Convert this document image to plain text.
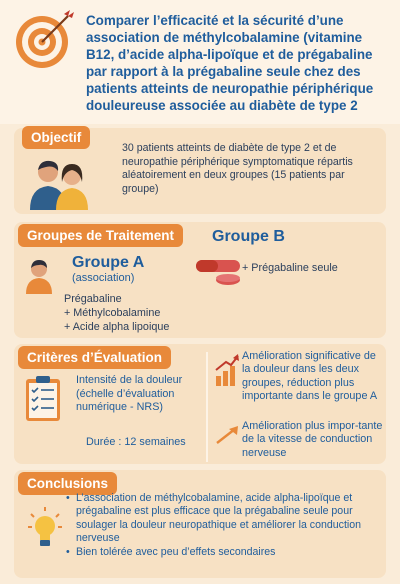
Comparer l’efficacité et la sécurité d’une association de méthylcobalamine (vitamine B12, d’acide alpha-lipoïque et de prégabaline par rapport à la prégabaline seule chez des patients atteints de neuropathie périphérique douleureuse associée au diabète de type 2
Objectif
30 patients atteints de diabète de type 2 et de neuropathie périphérique symptomatique répartis aléatoirement en deux groupes (15 patients par groupe)
Groupes de Traitement
Groupe A
(association)
Prégabaline
+ Méthylcobalamine
+ Acide alpha lipoique
Groupe B
+ Prégabaline seule
Critères d’Évaluation
Intensité de la douleur (échelle d’évaluation numérique - NRS)
Durée : 12 semaines
Amélioration significative de la douleur dans les deux groupes, réduction plus importante dans le groupe A
Amélioration plus impor-tante de la vitesse de conduction nerveuse
Conclusions
• L’association de méthylcobalamine, acide alpha-lipoïque et prégabaline est plus efficace que la prégabaline seule pour soulager la douleur neuropathique et améliorer la conduction nerveuse
• Bien tolérée avec peu d’effets secondaires
